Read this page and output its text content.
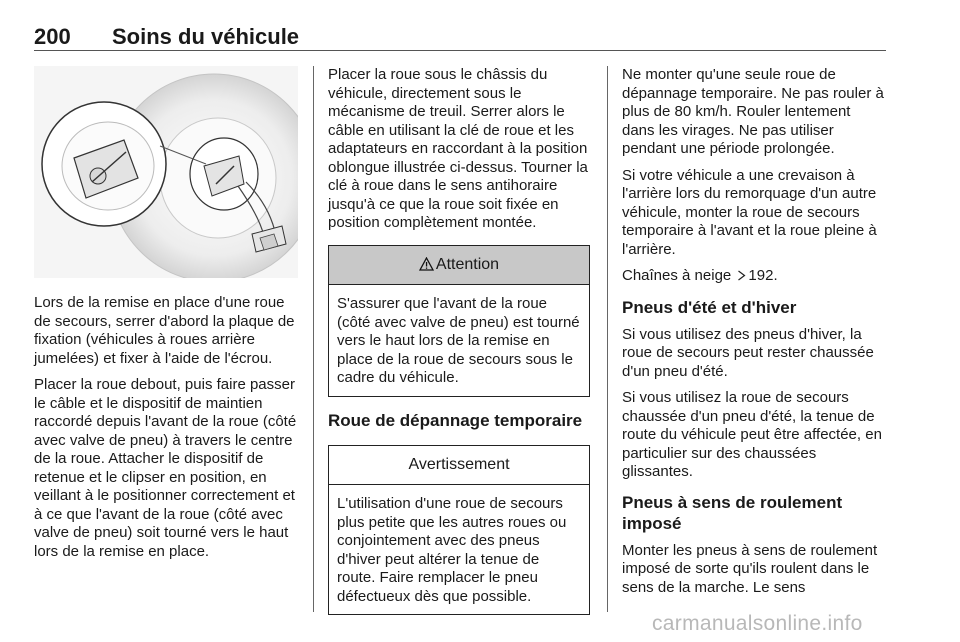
200 Soins du véhicule

Lors de la remise en place d'une roue de secours, serrer d'abord la plaque de fixation (véhicules à roues arrière jumelées) et fixer à l'aide de l'écrou.

Placer la roue debout, puis faire passer le câble et le dispositif de maintien raccordé depuis l'avant de la roue (côté avec valve de pneu) à travers le centre de la roue. Attacher le dispositif de retenue et le clipser en position, en veillant à le positionner correctement et à ce que l'avant de la roue (côté avec valve de pneu) soit tourné vers le haut lors de la remise en place.

Placer la roue sous le châssis du véhicule, directement sous le mécanisme de treuil. Serrer alors le câble en utilisant la clé de roue et les adaptateurs en raccordant à la position oblongue illustrée ci-dessus. Tourner la clé à roue dans le sens antihoraire jusqu'à ce que la roue soit fixée en position complètement montée.

Attention

S'assurer que l'avant de la roue (côté avec valve de pneu) est tourné vers le haut lors de la remise en place de la roue de secours sous le cadre du véhicule.

Roue de dépannage temporaire
Avertissement

L'utilisation d'une roue de secours plus petite que les autres roues ou conjointement avec des pneus d'hiver peut altérer la tenue de route. Faire remplacer le pneu défectueux dès que possible.

Ne monter qu'une seule roue de dépannage temporaire. Ne pas rouler à plus de 80 km/h. Rouler lentement dans les virages. Ne pas utiliser pendant une période prolongée.

Si votre véhicule a une crevaison à l'arrière lors du remorquage d'un autre véhicule, monter la roue de secours temporaire à l'avant et la roue pleine à l'arrière.

Chaînes à neige 192.

Pneus d'été et d'hiver

Si vous utilisez des pneus d'hiver, la roue de secours peut rester chaussée d'un pneu d'été.

Si vous utilisez la roue de secours chaussée d'un pneu d'été, la tenue de route du véhicule peut être affectée, en particulier sur des chaussées glissantes.

Pneus à sens de roulement imposé

Monter les pneus à sens de roulement imposé de sorte qu'ils roulent dans le sens de la marche. Le sens

carmanualsonline.info
